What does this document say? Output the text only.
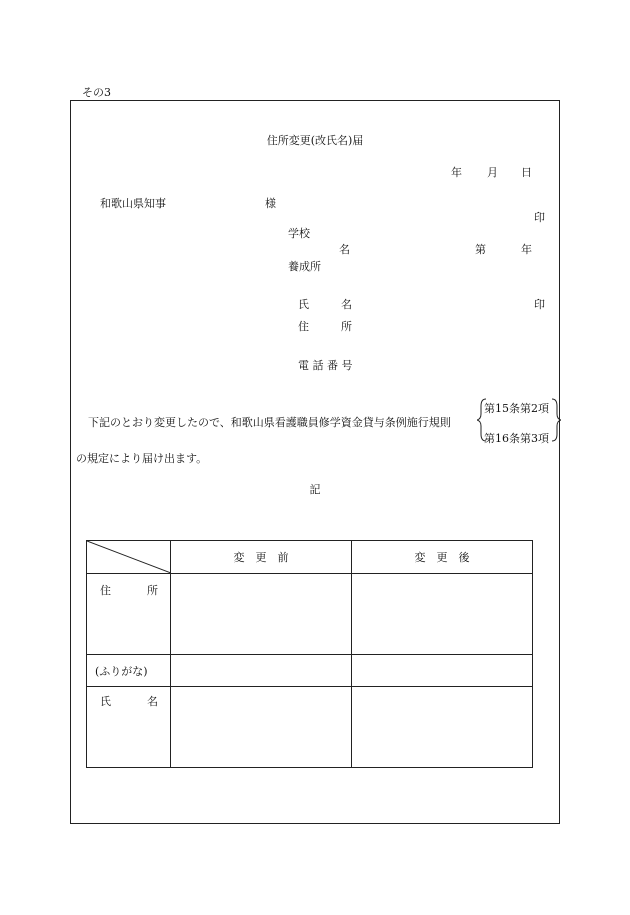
その3
住所変更(改氏名)届
年 月 日
和歌山県知事	様
印
学校
名	第	年
養成所
氏	名	印
住	所
電 話 番 号
下記のとおり変更したので、和歌山県看護職員修学資金貸与条例施行規則
第15条第2項
第16条第3項
の規定により届け出ます。
記
	変　更　前	変　更　後

住 所		

(ふりがな)		

氏 名		
